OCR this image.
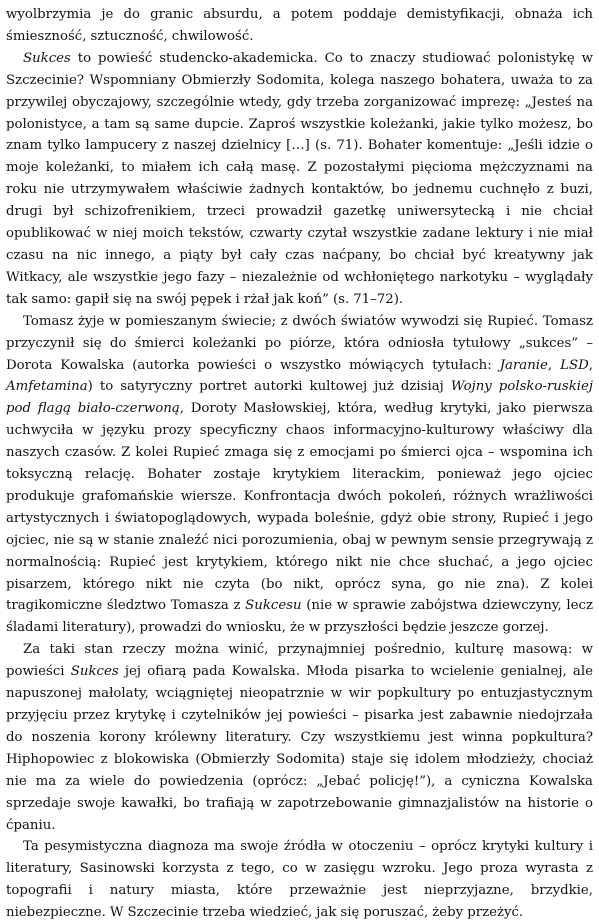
wyolbrzymia je do granic absurdu, a potem poddaje demistyfikacji, obnaża ich śmieszność, sztuczność, chwilowość.

Sukces to powieść studencko-akademicka. Co to znaczy studiować polonistykę w Szczecinie? Wspomniany Obmierzły Sodomita, kolega naszego bohatera, uważa to za przywilej obyczajowy, szczególnie wtedy, gdy trzeba zorganizować imprezę: „Jesteś na polonistyce, a tam są same dupcie. Zaproś wszystkie koleżanki, jakie tylko możesz, bo znam tylko lampucery z naszej dzielnicy […] (s. 71). Bohater komentuje: „Jeśli idzie o moje koleżanki, to miałem ich całą masę. Z pozostałymi pięcioma mężczyznami na roku nie utrzymywałem właściwie żadnych kontaktów, bo jednemu cuchnęło z buzi, drugi był schizofrenikiem, trzeci prowadził gazetkę uniwersytecką i nie chciał opublikować w niej moich tekstów, czwarty czytał wszystkie zadane lektury i nie miał czasu na nic innego, a piąty był cały czas naćpany, bo chciał być kreatywny jak Witkacy, ale wszystkie jego fazy – niezależnie od wchłoniętego narkotyku – wyglądały tak samo: gapił się na swój pępek i rżał jak koń” (s. 71–72).

Tomasz żyje w pomieszanym świecie; z dwóch światów wywodzi się Rupieć. Tomasz przyczynił się do śmierci koleżanki po piórze, która odniosła tytułowy „sukces” – Dorota Kowalska (autorka powieści o wszystko mówiących tytułach: Jaranie, LSD, Amfetamina) to satyryczny portret autorki kultowej już dzisiaj Wojny polsko-ruskiej pod flagą biało-czerwoną, Doroty Masłowskiej, która, według krytyki, jako pierwsza uchwyciła w języku prozy specyficzny chaos informacyjno-kulturowy właściwy dla naszych czasów. Z kolei Rupieć zmaga się z emocjami po śmierci ojca – wspomina ich toksyczną relację. Bohater zostaje krytykiem literackim, ponieważ jego ojciec produkuje grafomańskie wiersze. Konfrontacja dwóch pokoleń, różnych wrażliwości artystycznych i światopoglądowych, wypada boleśnie, gdyż obie strony, Rupieć i jego ojciec, nie są w stanie znaleźć nici porozumienia, obaj w pewnym sensie przegrywają z normalnością: Rupieć jest krytykiem, którego nikt nie chce słuchać, a jego ojciec pisarzem, którego nikt nie czyta (bo nikt, oprócz syna, go nie zna). Z kolei tragikomiczne śledztwo Tomasza z Sukcesu (nie w sprawie zabójstwa dziewczyny, lecz śladami literatury), prowadzi do wniosku, że w przyszłości będzie jeszcze gorzej.

Za taki stan rzeczy można winić, przynajmniej pośrednio, kulturę masową: w powieści Sukces jej ofiarą pada Kowalska. Młoda pisarka to wcielenie genialnej, ale napuszonej małolaty, wciągniętej nieopatrznie w wir popkultury po entuzjastycznym przyjęciu przez krytykę i czytelników jej powieści – pisarka jest zabawnie niedojrzała do noszenia korony królewny literatury. Czy wszystkiemu jest winna popkultura? Hiphopowiec z blokowiska (Obmierzły Sodomita) staje się idolem młodzieży, chociaż nie ma za wiele do powiedzenia (oprócz: „Jebać policję!”), a cyniczna Kowalska sprzedaje swoje kawałki, bo trafiają w zapotrzebowanie gimnazjalistów na historie o ćpaniu.

Ta pesymistyczna diagnoza ma swoje źródła w otoczeniu – oprócz krytyki kultury i literatury, Sasinowski korzysta z tego, co w zasięgu wzroku. Jego proza wyrasta z topografii i natury miasta, które przeważnie jest nieprzyjazne, brzydkie, niebezpieczne. W Szczecinie trzeba wiedzieć, jak się poruszać, żeby przeżyć.
